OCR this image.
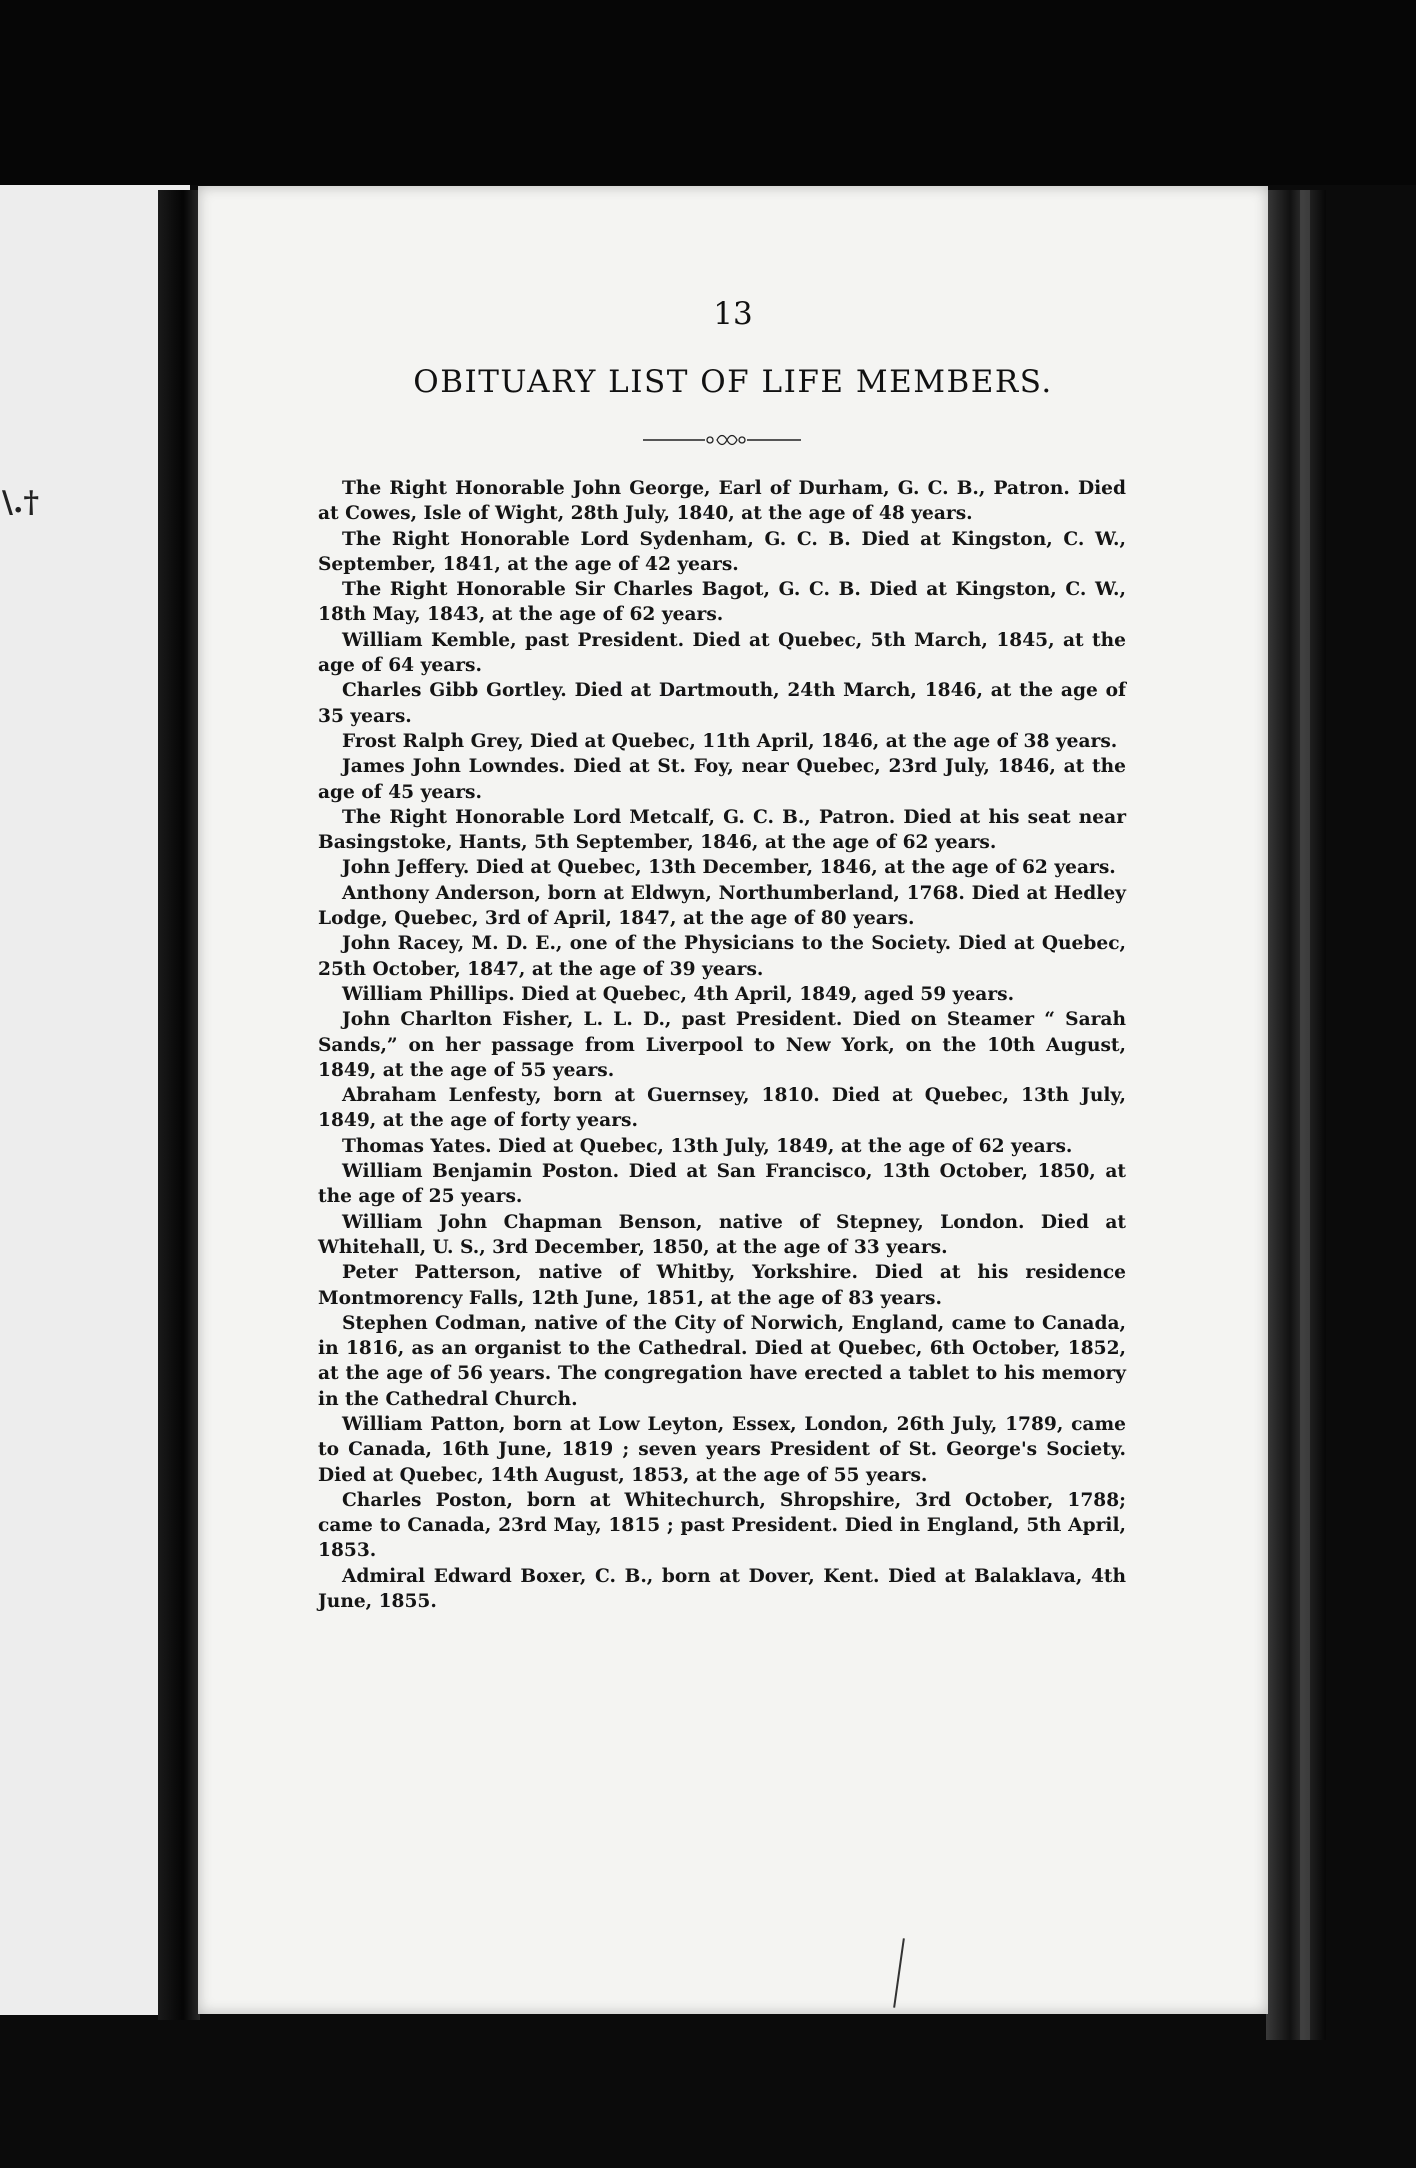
\.†
13
OBITUARY LIST OF LIFE MEMBERS.

The Right Honorable John George, Earl of Durham, G. C. B., Patron. Died at Cowes, Isle of Wight, 28th July, 1840, at the age of 48 years.

The Right Honorable Lord Sydenham, G. C. B. Died at Kingston, C. W., September, 1841, at the age of 42 years.

The Right Honorable Sir Charles Bagot, G. C. B. Died at Kingston, C. W., 18th May, 1843, at the age of 62 years.

William Kemble, past President. Died at Quebec, 5th March, 1845, at the age of 64 years.

Charles Gibb Gortley. Died at Dartmouth, 24th March, 1846, at the age of 35 years.

Frost Ralph Grey, Died at Quebec, 11th April, 1846, at the age of 38 years.

James John Lowndes. Died at St. Foy, near Quebec, 23rd July, 1846, at the age of 45 years.

The Right Honorable Lord Metcalf, G. C. B., Patron. Died at his seat near Basingstoke, Hants, 5th September, 1846, at the age of 62 years.

John Jeffery. Died at Quebec, 13th December, 1846, at the age of 62 years.

Anthony Anderson, born at Eldwyn, Northumberland, 1768. Died at Hedley Lodge, Quebec, 3rd of April, 1847, at the age of 80 years.

John Racey, M. D. E., one of the Physicians to the Society. Died at Quebec, 25th October, 1847, at the age of 39 years.

William Phillips. Died at Quebec, 4th April, 1849, aged 59 years.

John Charlton Fisher, L. L. D., past President. Died on Steamer “ Sarah Sands,” on her passage from Liverpool to New York, on the 10th August, 1849, at the age of 55 years.

Abraham Lenfesty, born at Guernsey, 1810. Died at Quebec, 13th July, 1849, at the age of forty years.

Thomas Yates. Died at Quebec, 13th July, 1849, at the age of 62 years.

William Benjamin Poston. Died at San Francisco, 13th October, 1850, at the age of 25 years.

William John Chapman Benson, native of Stepney, London. Died at Whitehall, U. S., 3rd December, 1850, at the age of 33 years.

Peter Patterson, native of Whitby, Yorkshire. Died at his residence Montmorency Falls, 12th June, 1851, at the age of 83 years.

Stephen Codman, native of the City of Norwich, England, came to Canada, in 1816, as an organist to the Cathedral. Died at Quebec, 6th October, 1852, at the age of 56 years. The congregation have erected a tablet to his memory in the Cathedral Church.

William Patton, born at Low Leyton, Essex, London, 26th July, 1789, came to Canada, 16th June, 1819 ; seven years President of St. George's Society. Died at Quebec, 14th August, 1853, at the age of 55 years.

Charles Poston, born at Whitechurch, Shropshire, 3rd October, 1788; came to Canada, 23rd May, 1815 ; past President. Died in England, 5th April, 1853.

Admiral Edward Boxer, C. B., born at Dover, Kent. Died at Balaklava, 4th June, 1855.
